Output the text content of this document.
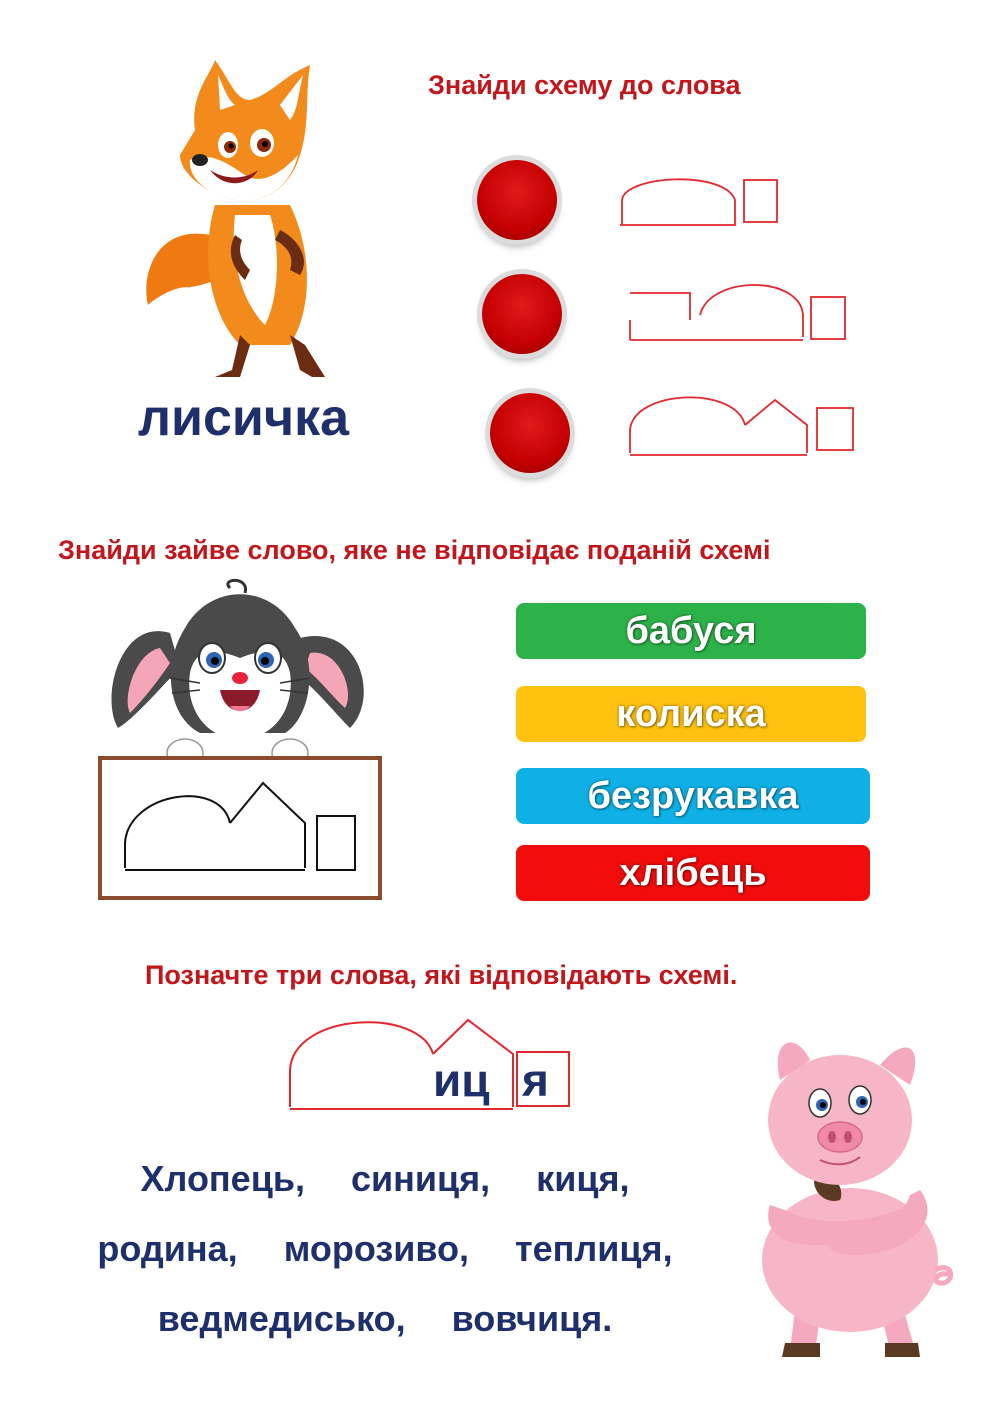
Знайди схему до слова
лисичка
Знайди зайве слово, яке не відповідає поданій схемі
бабуся
колиска
безрукавка
хлібець
Позначте три слова, які відповідають схемі.
иц я
Хлопець, синиця, киця,
родина, морозиво, теплиця,
ведмедисько, вовчиця.
